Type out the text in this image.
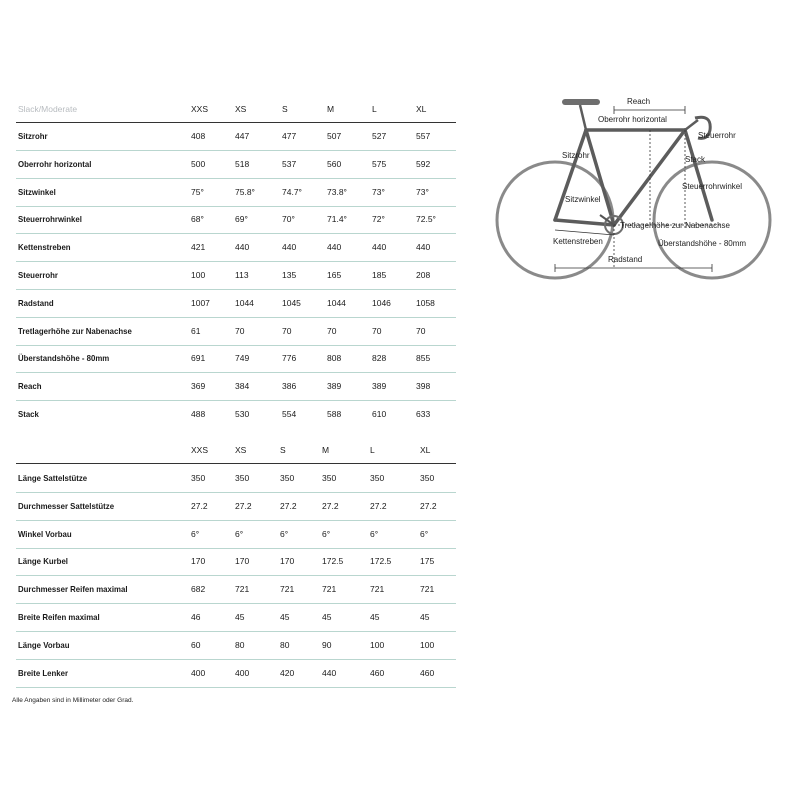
Slack/Moderate	XXS	XS	S	M	L	XL
Sitzrohr	408	447	477	507	527	557
Oberrohr horizontal	500	518	537	560	575	592
Sitzwinkel	75°	75.8°	74.7°	73.8°	73°	73°
Steuerrohrwinkel	68°	69°	70°	71.4°	72°	72.5°
Kettenstreben	421	440	440	440	440	440
Steuerrohr	100	113	135	165	185	208
Radstand	1007	1044	1045	1044	1046	1058
Tretlagerhöhe zur Nabenachse	61	70	70	70	70	70
Überstandshöhe - 80mm	691	749	776	808	828	855
Reach	369	384	386	389	389	398
Stack	488	530	554	588	610	633
XXS	XS	S	M	L	XL
Länge Sattelstütze	350	350	350	350	350	350
Durchmesser Sattelstütze	27.2	27.2	27.2	27.2	27.2	27.2
Winkel Vorbau	6°	6°	6°	6°	6°	6°
Länge Kurbel	170	170	170	172.5	172.5	175
Durchmesser Reifen maximal	682	721	721	721	721	721
Breite Reifen maximal	46	45	45	45	45	45
Länge Vorbau	60	80	80	90	100	100
Breite Lenker	400	400	420	440	460	460
Alle Angaben sind in Millimeter oder Grad.
Reach
Oberrohr horizontal
Steuerrohr
Sitzrohr	Stack
Steuerrohrwinkel
Sitzwinkel
Tretlagerhöhe zur Nabenachse
Kettenstreben	Überstandshöhe - 80mm
Radstand
